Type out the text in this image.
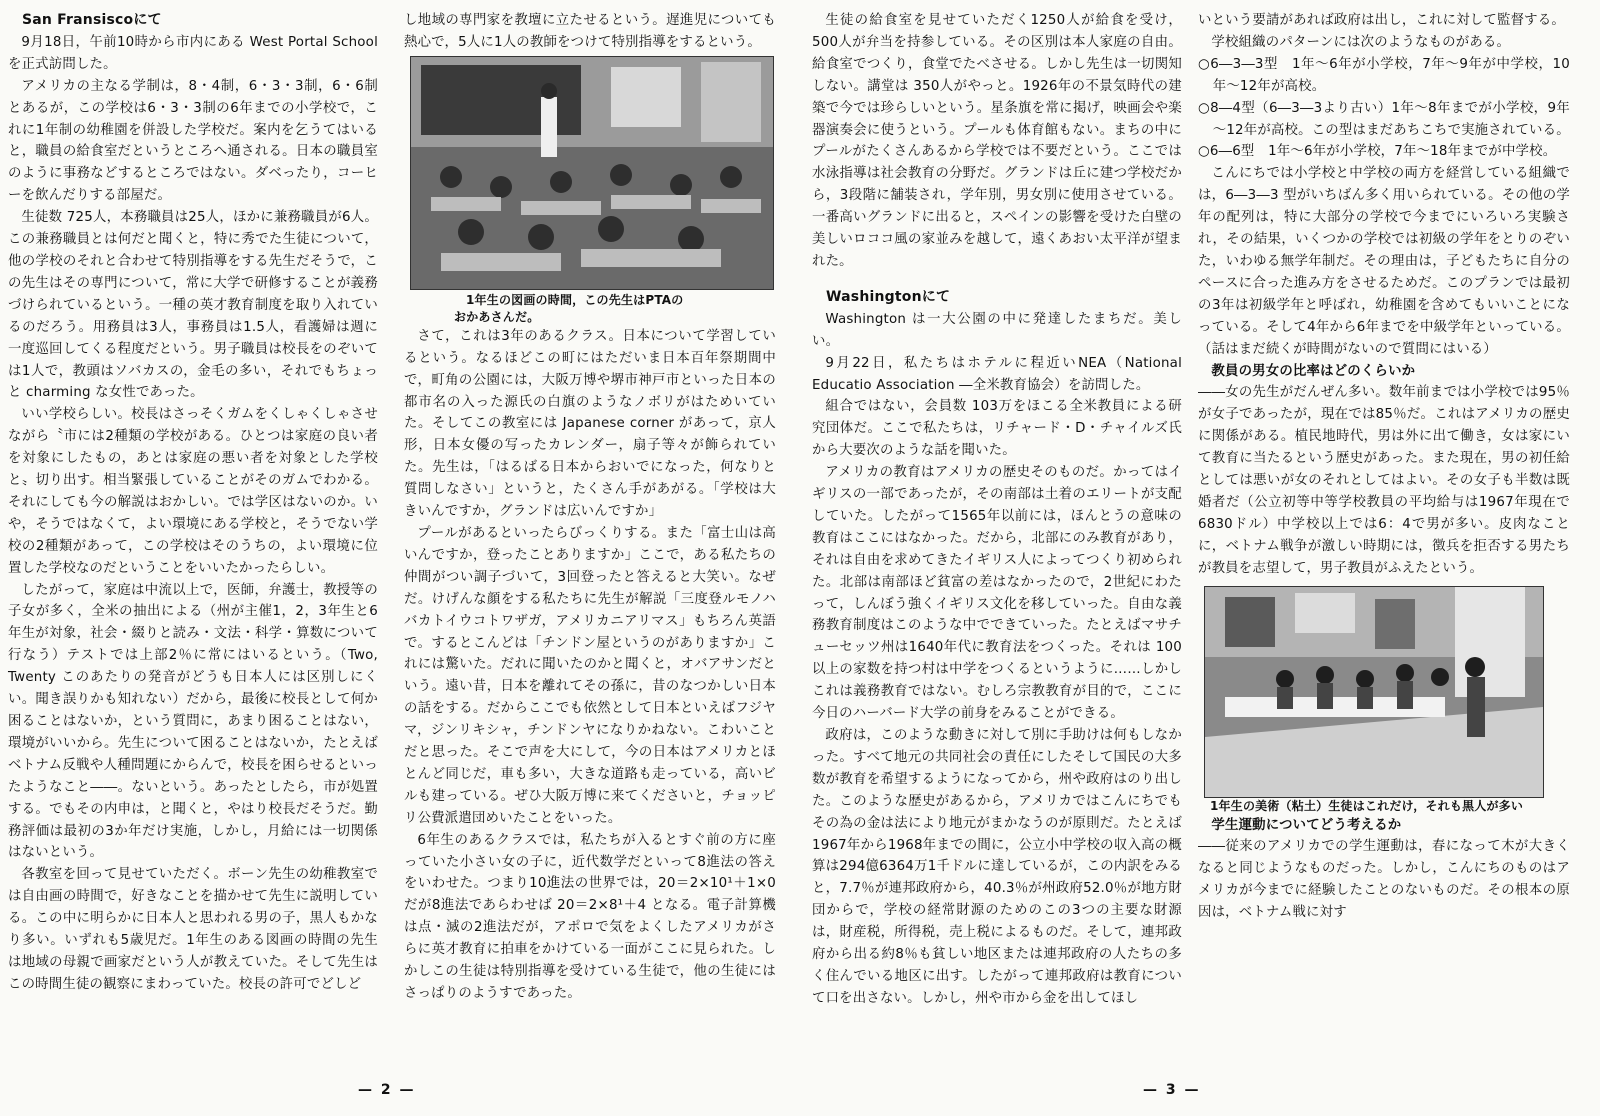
San Fransiscoにて

9月18日，午前10時から市内にある West Portal School を正式訪問した。

アメリカの主なる学制は，8・4制，6・3・3制，6・6制とあるが，この学校は6・3・3制の6年までの小学校で，これに1年制の幼稚園を併設した学校だ。案内を乞うてはいると，職員の給食室だというところへ通される。日本の職員室のように事務などするところではない。ダベったり，コーヒーを飲んだりする部屋だ。

生徒数 725人，本務職員は25人，ほかに兼務職員が6人。この兼務職員とは何だと聞くと，特に秀でた生徒について，他の学校のそれと合わせて特別指導をする先生だそうで，この先生はその専門について，常に大学で研修することが義務づけられているという。一種の英才教育制度を取り入れているのだろう。用務員は3人，事務員は1.5人，看護婦は週に一度巡回してくる程度だという。男子職員は校長をのぞいては1人で，教頭はソバカスの，金毛の多い，それでもちょっと charming な女性であった。

いい学校らしい。校長はさっそくガムをくしゃくしゃさせながら〝市には2種類の学校がある。ひとつは家庭の良い者を対象にしたもの，あとは家庭の悪い者を対象とした学校と〟切り出す。相当緊張していることがそのガムでわかる。それにしても今の解説はおかしい。では学区はないのか。いや，そうではなくて，よい環境にある学校と，そうでない学校の2種類があって，この学校はそのうちの，よい環境に位置した学校なのだということをいいたかったらしい。

したがって，家庭は中流以上で，医師，弁護士，教授等の子女が多く，全米の抽出による（州が主催1，2，3年生と6年生が対象，社会・綴りと読み・文法・科学・算数について行なう）テストでは上部2％に常にはいるという。（Two, Twenty このあたりの発音がどうも日本人には区別しにくい。聞き誤りかも知れない）だから，最後に校長として何か困ることはないか，という質問に，あまり困ることはない，環境がいいから。先生について困ることはないか，たとえばベトナム反戦や人種問題にからんで，校長を困らせるといったようなこと――。ないという。あったとしたら，市が処置する。でもその内申は，と聞くと，やはり校長だそうだ。勤務評価は最初の3か年だけ実施，しかし，月給には一切関係はないという。

各教室を回って見せていただく。ボーン先生の幼稚教室では自由画の時間で，好きなことを描かせて先生に説明している。この中に明らかに日本人と思われる男の子，黒人もかなり多い。いずれも5歳児だ。1年生のある図画の時間の先生は地域の母親で画家だという人が教えていた。そして先生はこの時間生徒の観察にまわっていた。校長の許可でどしど

し地域の専門家を教壇に立たせるという。遅進児についても熱心で，5人に1人の教師をつけて特別指導をするという。

1年生の図画の時間，この先生はPTAの
おかあさんだ。

さて，これは3年のあるクラス。日本について学習しているという。なるほどこの町にはただいま日本百年祭期間中で，町角の公園には，大阪万博や堺市神戸市といった日本の都市名の入った源氏の白旗のようなノボリがはためいていた。そしてこの教室には Japanese corner があって，京人形，日本女優の写ったカレンダー，扇子等々が飾られていた。先生は，「はるばる日本からおいでになった，何なりと質問しなさい」というと，たくさん手があがる。「学校は大きいんですか，グランドは広いんですか」

プールがあるといったらびっくりする。また「富士山は高いんですか，登ったことありますか」ここで，ある私たちの仲間がつい調子づいて，3回登ったと答えると大笑い。なぜだ。けげんな顔をする私たちに先生が解説「三度登ルモノハバカトイウコトワザガ，アメリカニアリマス」もちろん英語で。するとこんどは「チンドン屋というのがありますか」これには驚いた。だれに聞いたのかと聞くと，オバアサンだという。遠い昔，日本を離れてその孫に，昔のなつかしい日本の話をする。だからここでも依然として日本といえばフジヤマ，ジンリキシャ，チンドンヤになりかねない。こわいことだと思った。そこで声を大にして，今の日本はアメリカとほとんど同じだ，車も多い，大きな道路も走っている，高いビルも建っている。ぜひ大阪万博に来てくださいと，チョッピリ公費派遣団めいたことをいった。

6年生のあるクラスでは，私たちが入るとすぐ前の方に座っていた小さい女の子に，近代数学だといって8進法の答えをいわせた。つまり10進法の世界では，20＝2×10¹＋1×0 だが8進法であらわせば 20＝2×8¹＋4 となる。電子計算機は点・滅の2進法だが，アポロで気をよくしたアメリカがさらに英才教育に拍車をかけている一面がここに見られた。しかしこの生徒は特別指導を受けている生徒で，他の生徒にはさっぱりのようすであった。

— 2 —

生徒の給食室を見せていただく1250人が給食を受け，500人が弁当を持参している。その区別は本人家庭の自由。給食室でつくり，食堂でたべさせる。しかし先生は一切関知しない。講堂は 350人がやっと。1926年の不景気時代の建築で今では珍らしいという。星条旗を常に掲げ，映画会や楽器演奏会に使うという。プールも体育館もない。まちの中にプールがたくさんあるから学校では不要だという。ここでは水泳指導は社会教育の分野だ。グランドは丘に建つ学校だから，3段階に舗装され，学年別，男女別に使用させている。一番高いグランドに出ると，スペインの影響を受けた白壁の美しいロココ風の家並みを越して，遠くあおい太平洋が望まれた。

Washingtonにて

Washington は一大公園の中に発達したまちだ。美しい。

9月22日，私たちはホテルに程近いNEA（National Educatio Association ―全米教育協会）を訪問した。

組合ではない，会員数 103万をほこる全米教員による研究団体だ。ここで私たちは，リチャード・D・チャイルズ氏から大要次のような話を聞いた。

アメリカの教育はアメリカの歴史そのものだ。かってはイギリスの一部であったが，その南部は土着のエリートが支配していた。したがって1565年以前には，ほんとうの意味の教育はここにはなかった。だから，北部にのみ教育があり，それは自由を求めてきたイギリス人によってつくり初められた。北部は南部ほど貧富の差はなかったので，2世紀にわたって，しんぼう強くイギリス文化を移していった。自由な義務教育制度はこのような中でできていった。たとえばマサチューセッツ州は1640年代に教育法をつくった。それは 100以上の家数を持つ村は中学をつくるというように……しかしこれは義務教育ではない。むしろ宗教教育が目的で，ここに今日のハーバード大学の前身をみることができる。

政府は，このような動きに対して別に手助けは何もしなかった。すべて地元の共同社会の責任にしたそして国民の大多数が教育を希望するようになってから，州や政府はのり出した。このような歴史があるから，アメリカではこんにちでもその為の金は法により地元がまかなうのが原則だ。たとえば1967年から1968年までの間に，公立小中学校の収入高の概算は294億6364万1千ドルに達しているが，この内訳をみると，7.7％が連邦政府から，40.3％が州政府52.0％が地方財団からで，学校の経常財源のためのこの3つの主要な財源は，財産税，所得税，売上税によるものだ。そして，連邦政府から出る約8％も貧しい地区または連邦政府の人たちの多く住んでいる地区に出す。したがって連邦政府は教育について口を出さない。しかし，州や市から金を出してほし

いという要請があれば政府は出し，これに対して監督する。

学校組織のパターンには次のようなものがある。

○6―3―3型　1年～6年が小学校，7年～9年が中学校，10年～12年が高校。

○8―4型（6―3―3より古い）1年～8年までが小学校，9年～12年が高校。この型はまだあちこちで実施されている。

○6―6型　1年～6年が小学校，7年～18年までが中学校。

こんにちでは小学校と中学校の両方を経営している組織では，6―3―3 型がいちばん多く用いられている。その他の学年の配列は，特に大部分の学校で今までにいろいろ実験され，その結果，いくつかの学校では初級の学年をとりのぞいた，いわゆる無学年制だ。その理由は，子どもたちに自分のペースに合った進み方をさせるためだ。このプランでは最初の3年は初級学年と呼ばれ，幼稚園を含めてもいいことになっている。そして4年から6年までを中級学年といっている。（話はまだ続くが時間がないので質問にはいる）

教員の男女の比率はどのくらいか

――女の先生がだんぜん多い。数年前までは小学校では95％が女子であったが，現在では85％だ。これはアメリカの歴史に関係がある。植民地時代，男は外に出て働き，女は家にいて教育に当たるという歴史があった。また現在，男の初任給としては悪いが女のそれとしてはよい。その女子も半数は既婚者だ（公立初等中等学校教員の平均給与は1967年現在で6830ドル）中学校以上では6：4で男が多い。皮肉なことに，ベトナム戦争が激しい時期には，徴兵を拒否する男たちが教員を志望して，男子教員がふえたという。

1年生の美術（粘土）生徒はこれだけ，それも黒人が多い

学生運動についてどう考えるか

――従来のアメリカでの学生運動は，春になって木が大きくなると同じようなものだった。しかし，こんにちのものはアメリカが今までに経験したことのないものだ。その根本の原因は，ベトナム戦に対す

— 3 —
